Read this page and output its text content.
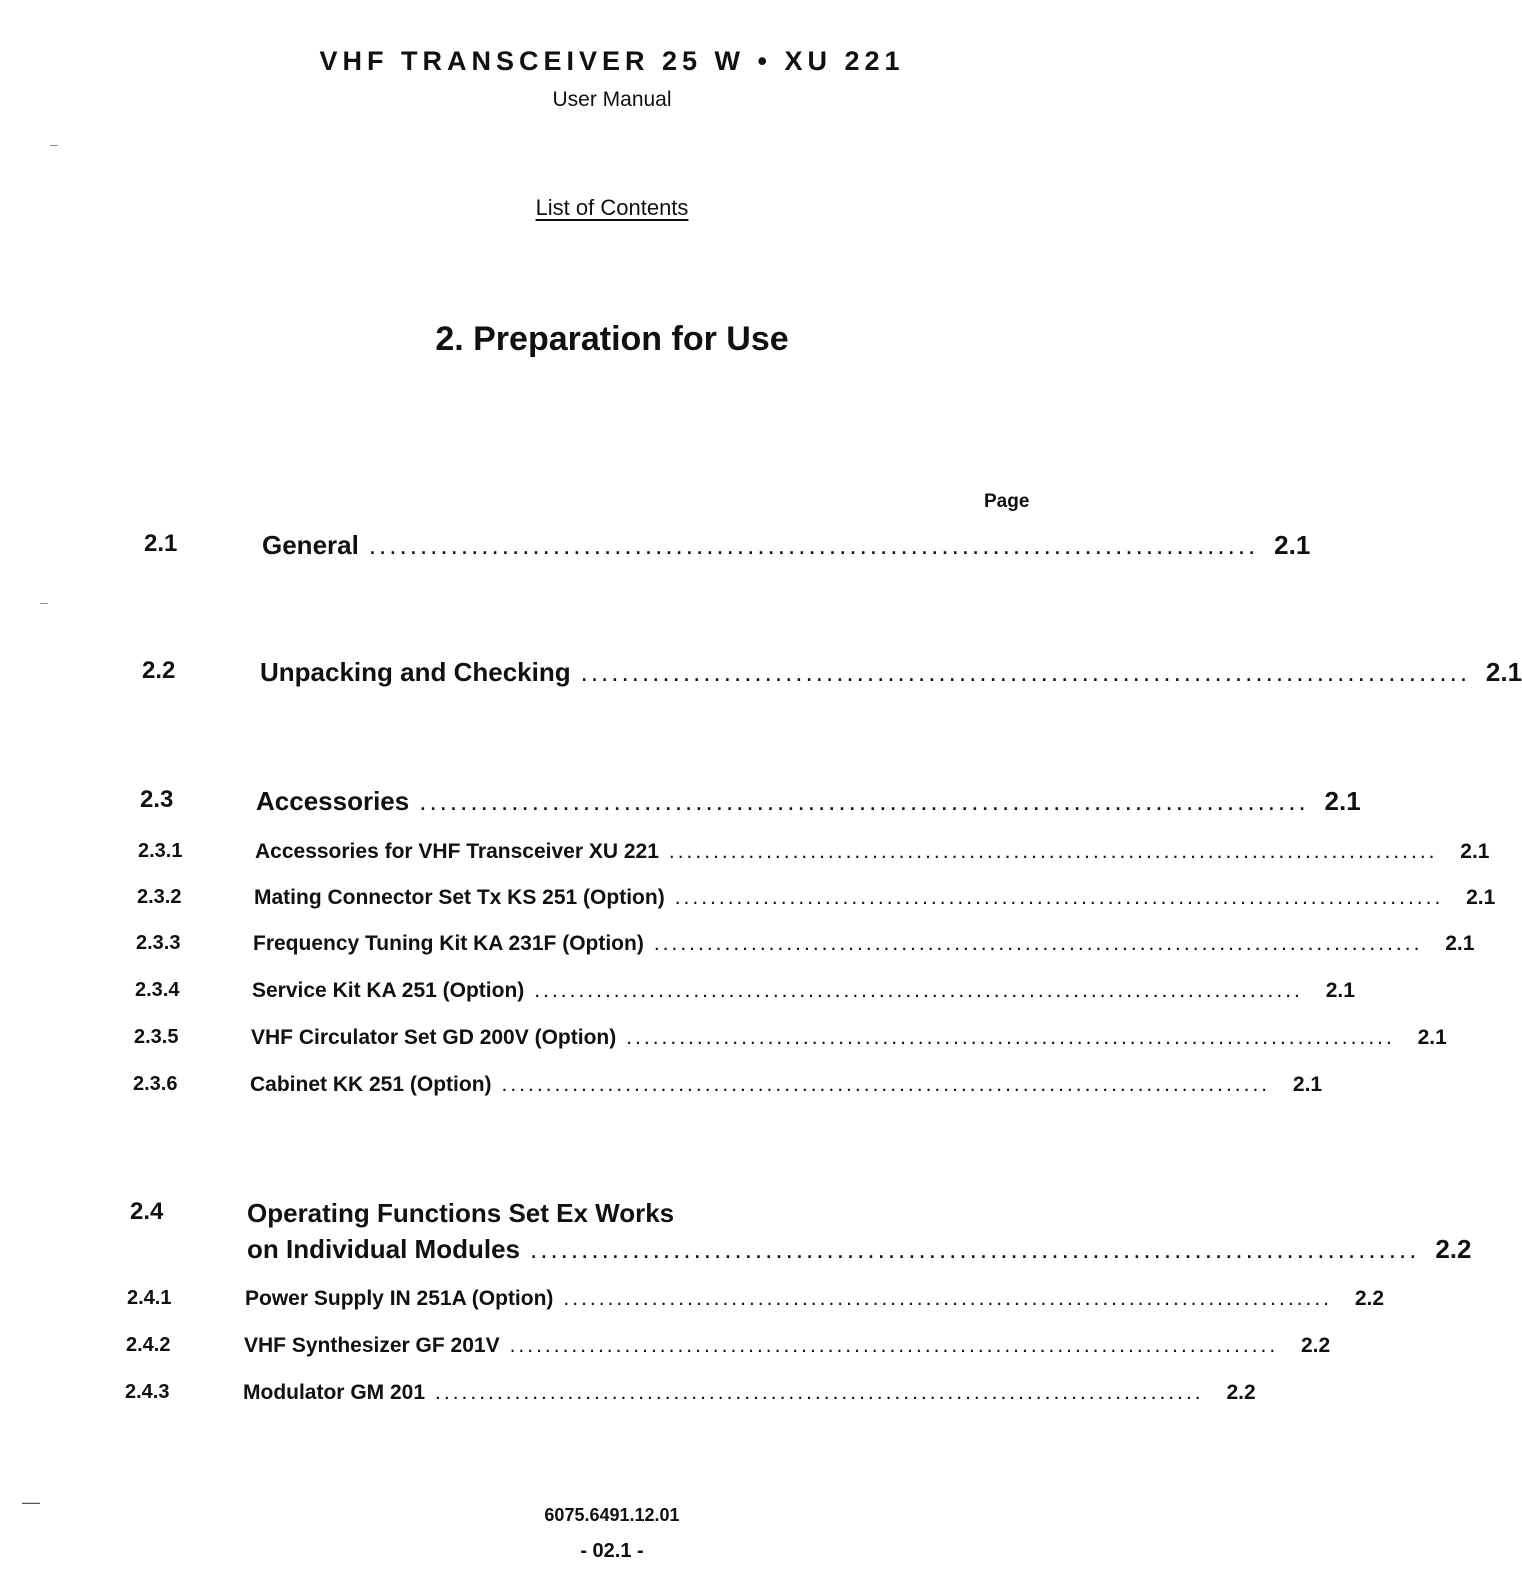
VHF TRANSCEIVER 25 W • XU 221
User Manual
List of Contents
2. Preparation for Use
Page
2.1	General ....................................................................................... 2.1
2.2	Unpacking and Checking ....................................................................................... 2.1
2.3	Accessories ....................................................................................... 2.1
2.3.1	Accessories for VHF Transceiver XU 221 .......................................................................................	2.1
2.3.2	Mating Connector Set Tx KS 251 (Option) .......................................................................................	2.1
2.3.3	Frequency Tuning Kit KA 231F (Option) .......................................................................................	2.1
2.3.4	Service Kit KA 251 (Option) .......................................................................................	2.1
2.3.5	VHF Circulator Set GD 200V (Option) .......................................................................................	2.1
2.3.6	Cabinet KK 251 (Option) .......................................................................................	2.1
2.4	Operating Functions Set Ex Works
on Individual Modules ....................................................................................... 2.2
2.4.1	Power Supply IN 251A (Option) .......................................................................................	2.2
2.4.2	VHF Synthesizer GF 201V .......................................................................................	2.2
2.4.3	Modulator GM 201 .......................................................................................	2.2
6075.6491.12.01
- 02.1 -
–
–
—
